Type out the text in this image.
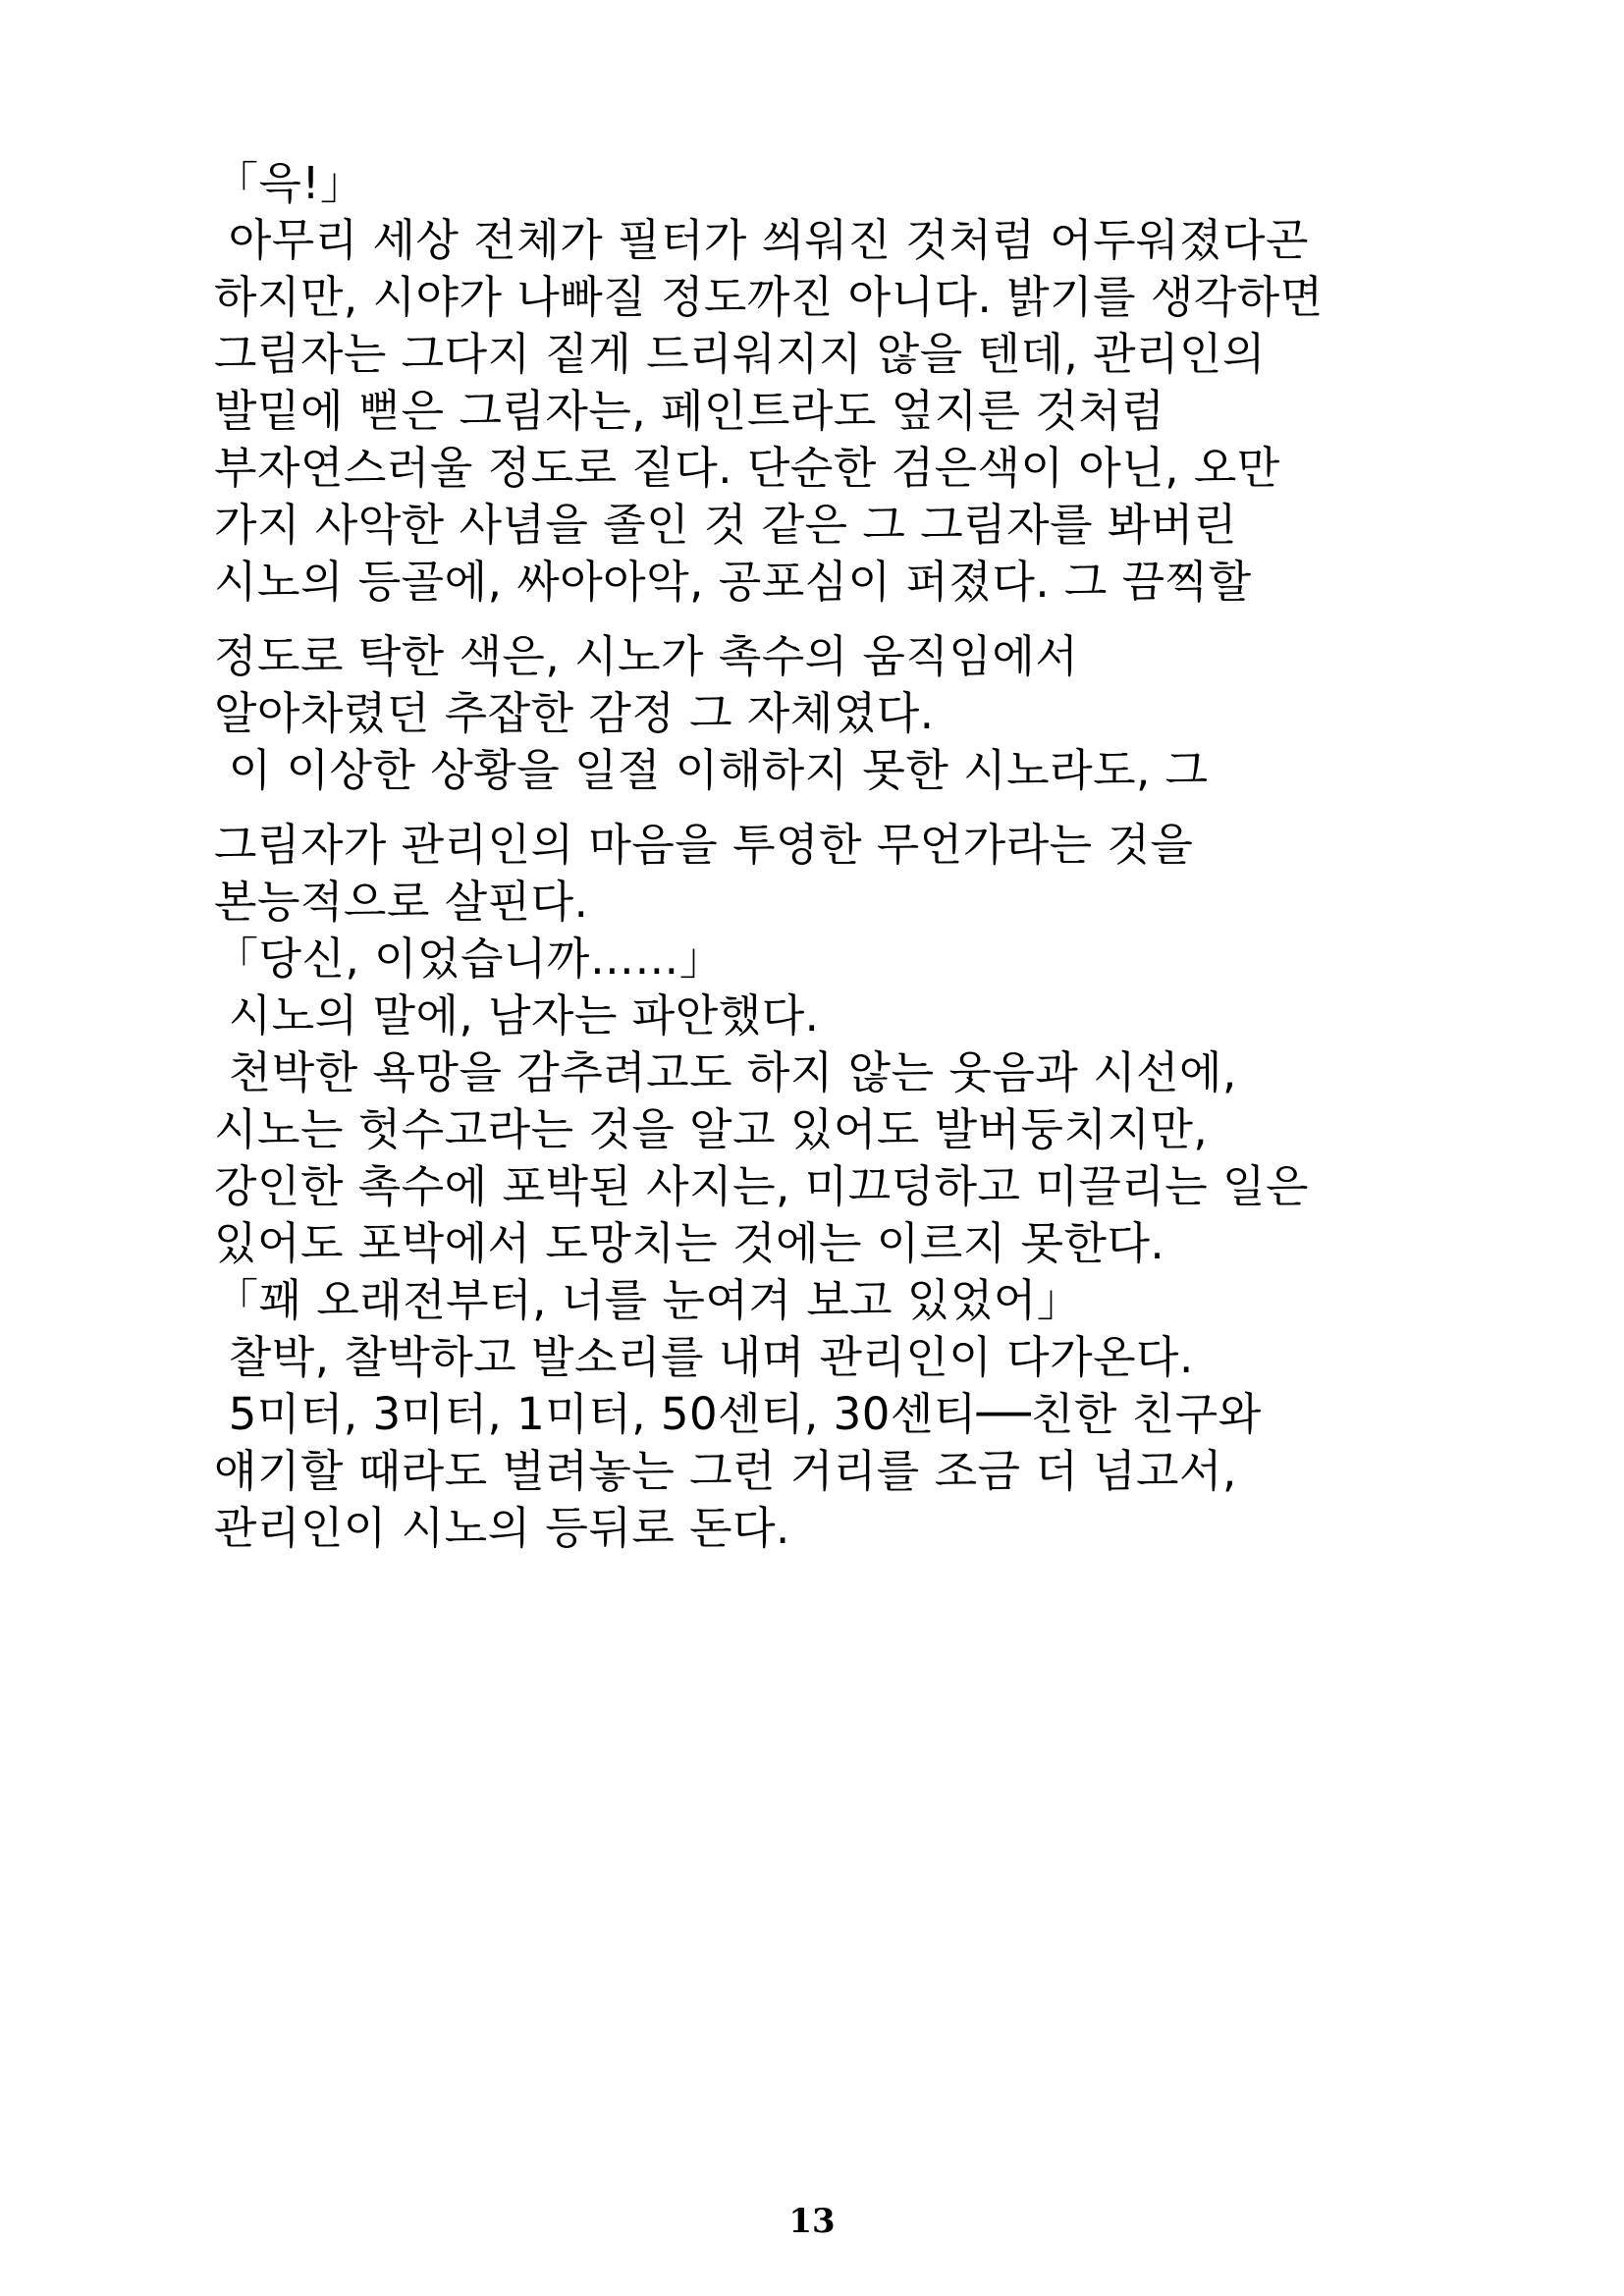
「윽!」
아무리 세상 전체가 필터가 씌워진 것처럼 어두워졌다곤
하지만, 시야가 나빠질 정도까진 아니다. 밝기를 생각하면
그림자는 그다지 짙게 드리워지지 않을 텐데, 관리인의
발밑에 뻗은 그림자는, 페인트라도 엎지른 것처럼
부자연스러울 정도로 짙다. 단순한 검은색이 아닌, 오만
가지 사악한 사념을 졸인 것 같은 그 그림자를 봐버린
시노의 등골에, 싸아아악, 공포심이 퍼졌다. 그 끔찍할
정도로 탁한 색은, 시노가 촉수의 움직임에서
알아차렸던 추잡한 감정 그 자체였다.
이 이상한 상황을 일절 이해하지 못한 시노라도, 그
그림자가 관리인의 마음을 투영한 무언가라는 것을
본능적으로 살핀다.
「당신, 이었습니까……」
시노의 말에, 남자는 파안했다.
천박한 욕망을 감추려고도 하지 않는 웃음과 시선에,
시노는 헛수고라는 것을 알고 있어도 발버둥치지만,
강인한 촉수에 포박된 사지는, 미끄덩하고 미끌리는 일은
있어도 포박에서 도망치는 것에는 이르지 못한다.
「꽤 오래전부터, 너를 눈여겨 보고 있었어」
찰박, 찰박하고 발소리를 내며 관리인이 다가온다.
5미터, 3미터, 1미터, 50센티, 30센티──친한 친구와
얘기할 때라도 벌려놓는 그런 거리를 조금 더 넘고서,
관리인이 시노의 등뒤로 돈다.
13
